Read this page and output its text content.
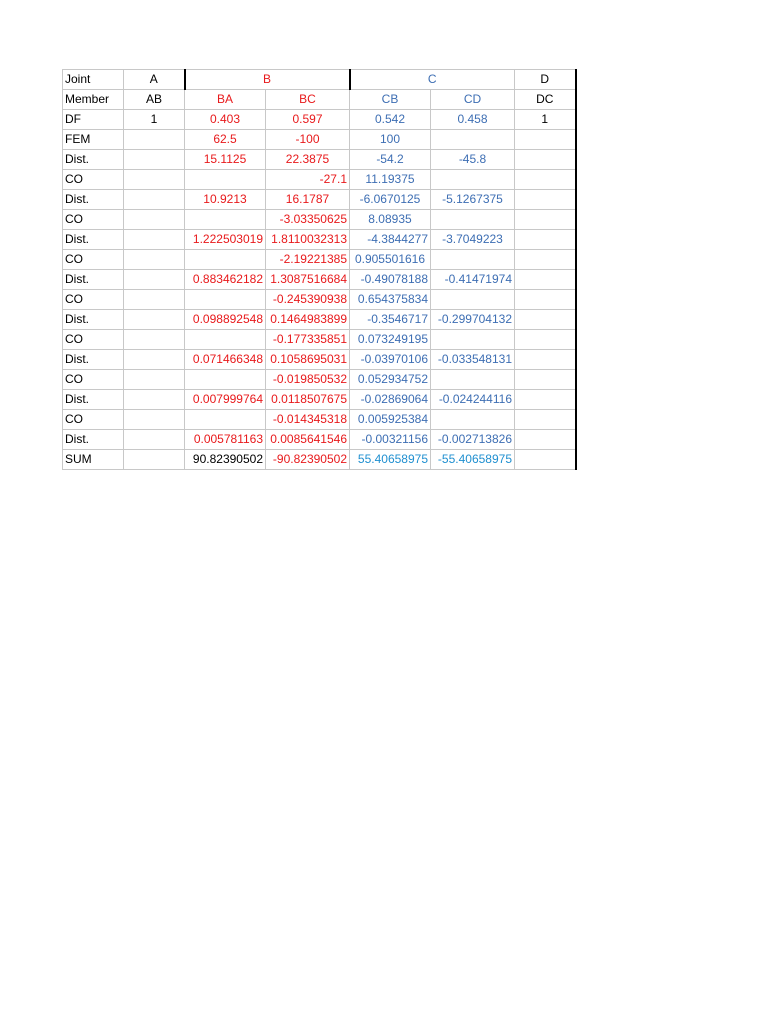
Joint	A	B		C		D
Member	AB	BA	BC	CB	CD	DC
DF	1	0.403	0.597	0.542	0.458	1
FEM		62.5	-100	100		
Dist.		15.1125	22.3875	-54.2	-45.8	
CO			-27.1	11.19375		
Dist.		10.9213	16.1787	-6.0670125	-5.1267375	
CO			-3.03350625	8.08935		
Dist.		1.222503019	1.8110032313	-4.3844277	-3.7049223	
CO			-2.19221385	0.905501616		
Dist.		0.883462182	1.3087516684	-0.49078188	-0.41471974	
CO			-0.245390938	0.654375834		
Dist.		0.098892548	0.1464983899	-0.3546717	-0.299704132	
CO			-0.177335851	0.073249195		
Dist.		0.071466348	0.1058695031	-0.03970106	-0.033548131	
CO			-0.019850532	0.052934752		
Dist.		0.007999764	0.0118507675	-0.02869064	-0.024244116	
CO			-0.014345318	0.005925384		
Dist.		0.005781163	0.0085641546	-0.00321156	-0.002713826	
SUM		90.82390502	-90.82390502	55.40658975	-55.40658975	
